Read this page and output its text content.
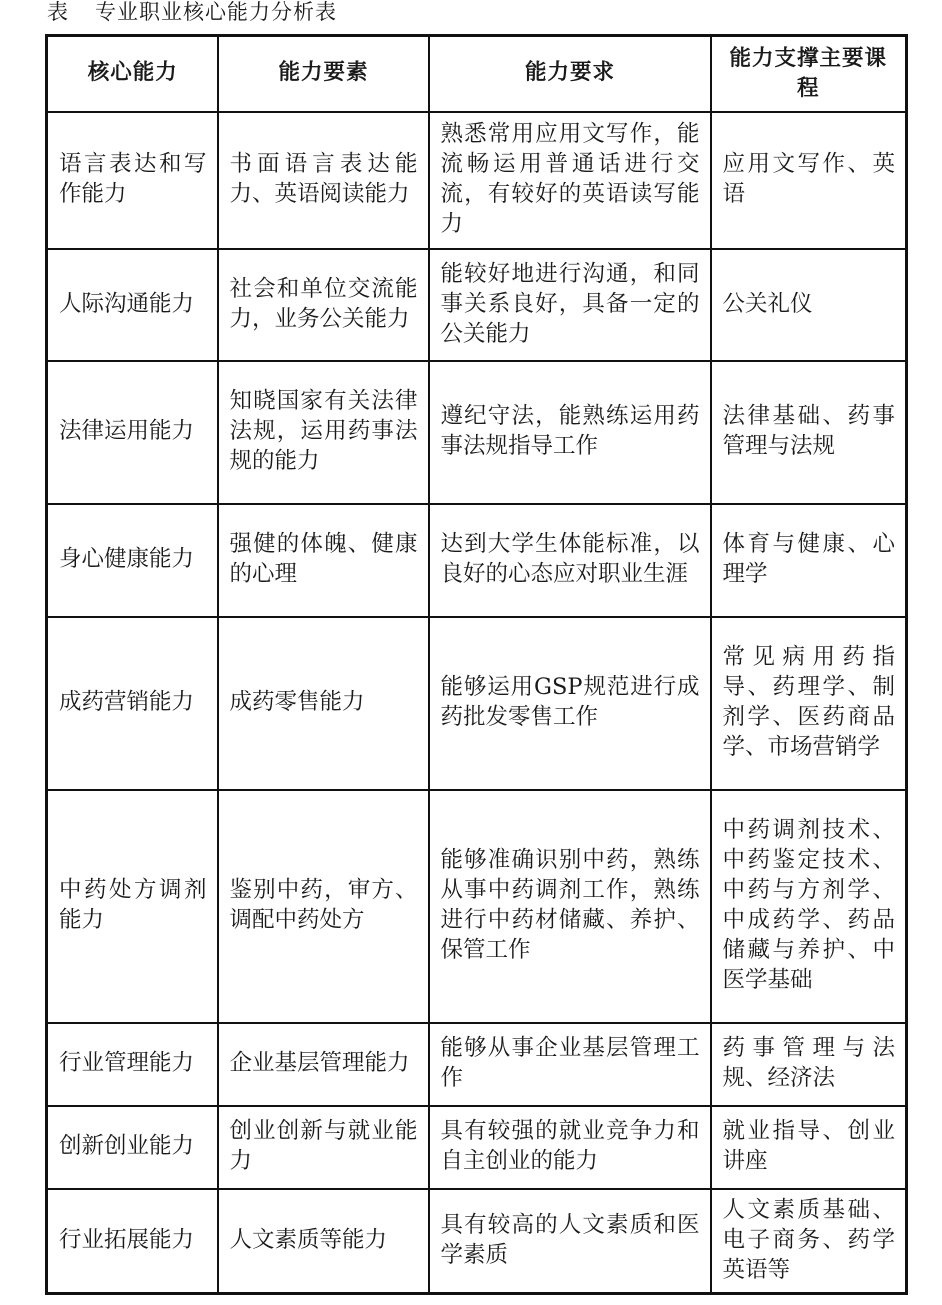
表 专业职业核心能力分析表
核心能力	能力要素	能力要求	能力支撑主要课程
语言表达和写作能力	书面语言表达能力、英语阅读能力	熟悉常用应用文写作，能流畅运用普通话进行交流，有较好的英语读写能力	应用文写作、英语
人际沟通能力	社会和单位交流能力，业务公关能力	能较好地进行沟通，和同事关系良好，具备一定的公关能力	公关礼仪
法律运用能力	知晓国家有关法律法规，运用药事法规的能力	遵纪守法，能熟练运用药事法规指导工作	法律基础、药事管理与法规
身心健康能力	强健的体魄、健康的心理	达到大学生体能标准，以良好的心态应对职业生涯	体育与健康、心理学
成药营销能力	成药零售能力	能够运用GSP规范进行成药批发零售工作	常见病用药指导、药理学、制剂学、医药商品学、市场营销学
中药处方调剂能力	鉴别中药，审方、调配中药处方	能够准确识别中药，熟练从事中药调剂工作，熟练进行中药材储藏、养护、保管工作	中药调剂技术、中药鉴定技术、中药与方剂学、中成药学、药品储藏与养护、中医学基础
行业管理能力	企业基层管理能力	能够从事企业基层管理工作	药事管理与法规、经济法
创新创业能力	创业创新与就业能力	具有较强的就业竞争力和自主创业的能力	就业指导、创业讲座
行业拓展能力	人文素质等能力	具有较高的人文素质和医学素质	人文素质基础、电子商务、药学英语等
